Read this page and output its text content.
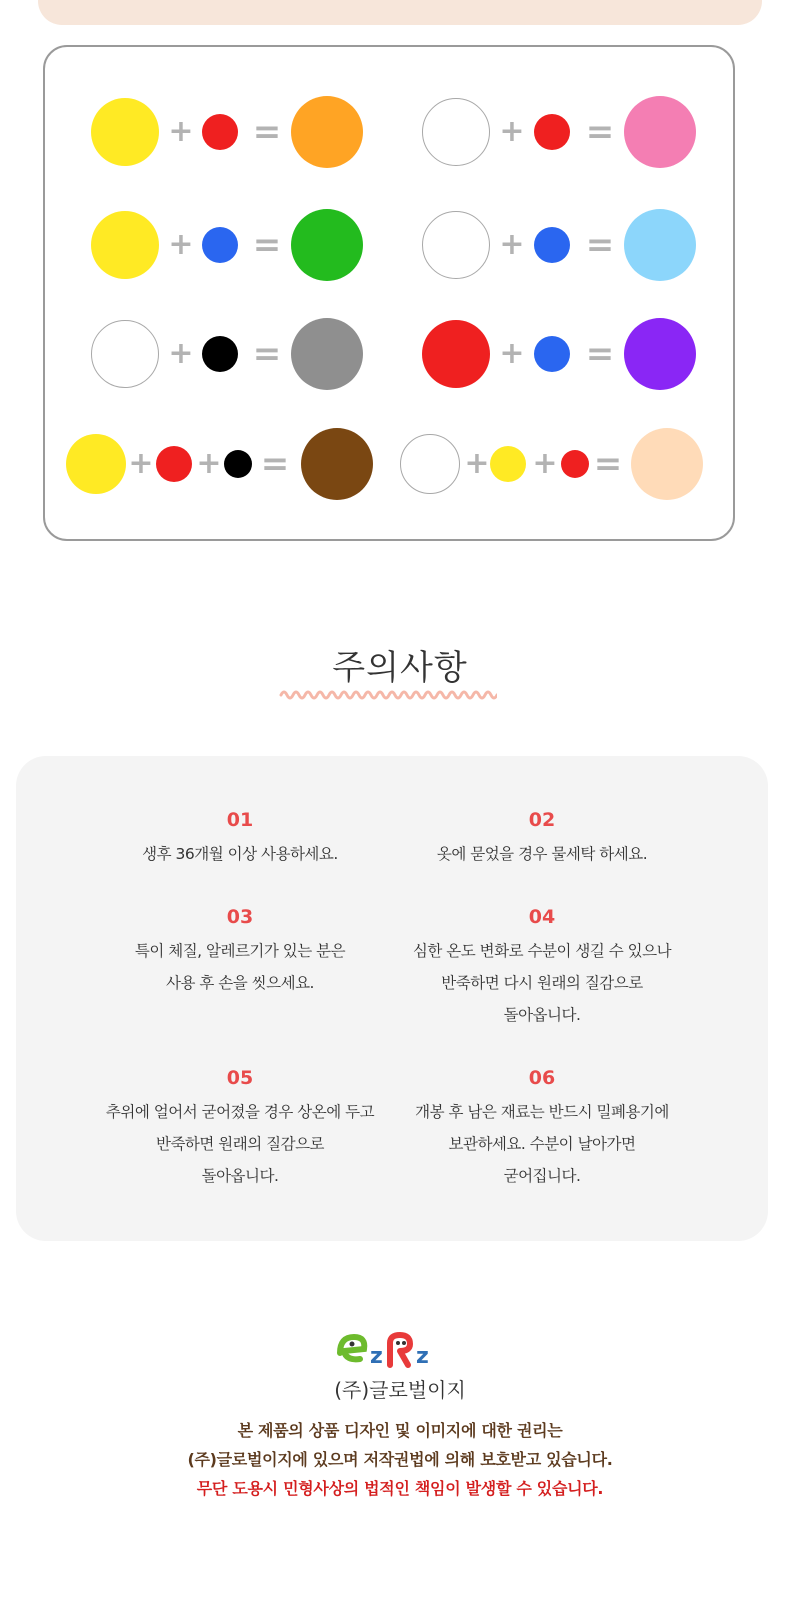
+ =	+ =
+ =	+ =
+ =	+ =
+ + =	+ + =
주의사항
01
생후 36개월 이상 사용하세요.
02
옷에 묻었을 경우 물세탁 하세요.
03
특이 체질, 알레르기가 있는 분은
사용 후 손을 씻으세요.
04
심한 온도 변화로 수분이 생길 수 있으나
반죽하면 다시 원래의 질감으로
돌아옵니다.
05
추위에 얼어서 굳어졌을 경우 상온에 두고
반죽하면 원래의 질감으로
돌아옵니다.
06
개봉 후 남은 재료는 반드시 밀폐용기에
보관하세요. 수분이 날아가면
굳어집니다.
z z
(주)글로벌이지
본 제품의 상품 디자인 및 이미지에 대한 권리는
(주)글로벌이지에 있으며 저작권법에 의해 보호받고 있습니다.
무단 도용시 민형사상의 법적인 책임이 발생할 수 있습니다.
